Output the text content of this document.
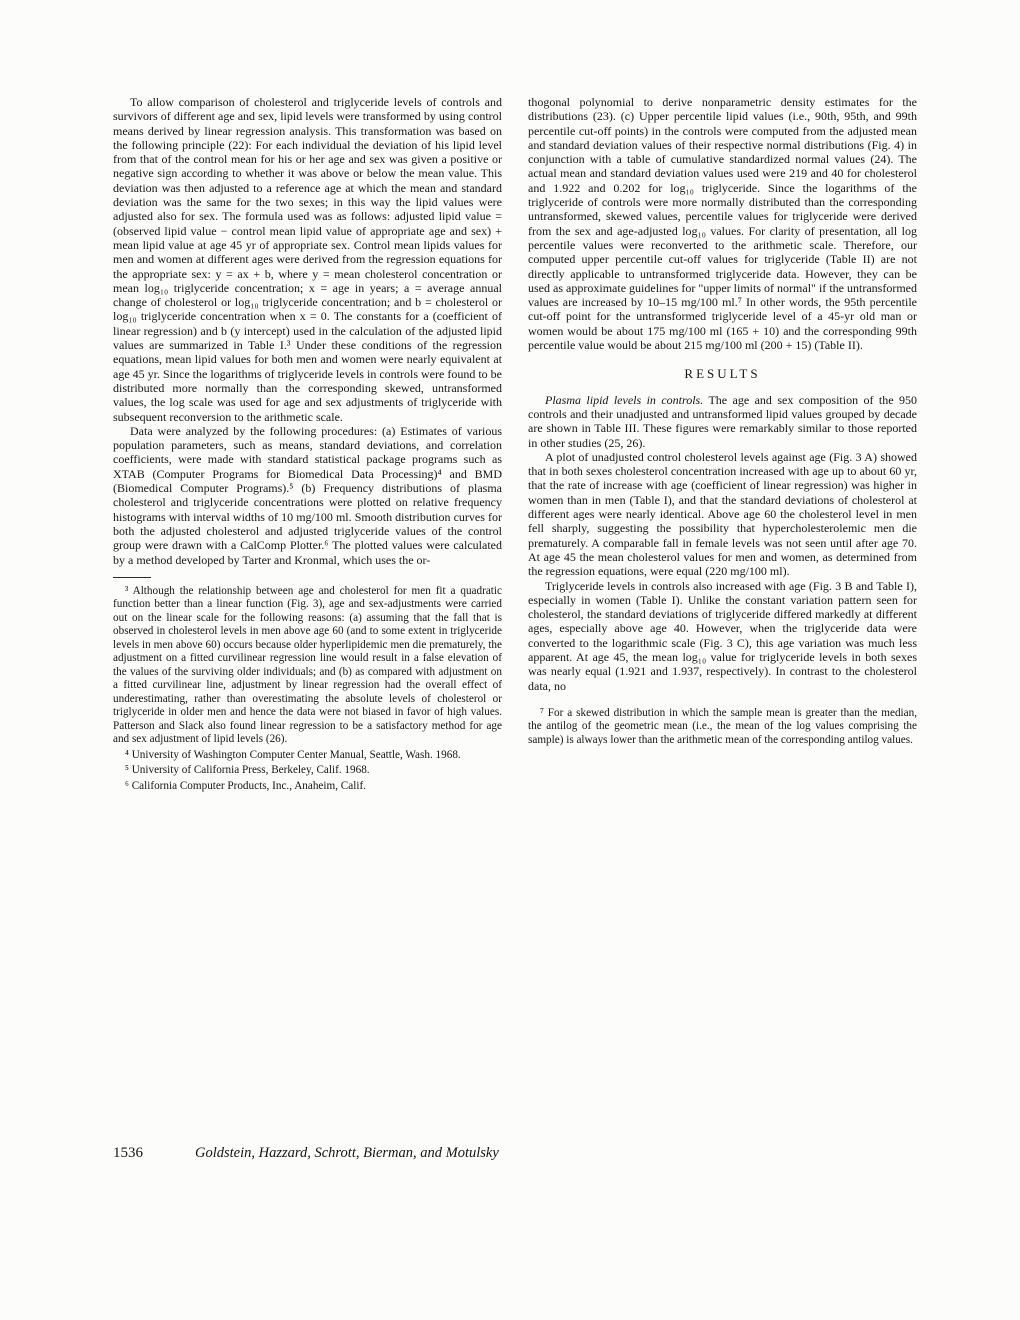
To allow comparison of cholesterol and triglyceride levels of controls and survivors of different age and sex, lipid levels were transformed by using control means derived by linear regression analysis. This transformation was based on the following principle (22): For each individual the deviation of his lipid level from that of the control mean for his or her age and sex was given a positive or negative sign according to whether it was above or below the mean value. This deviation was then adjusted to a reference age at which the mean and standard deviation was the same for the two sexes; in this way the lipid values were adjusted also for sex. The formula used was as follows: adjusted lipid value = (observed lipid value − control mean lipid value of appropriate age and sex) + mean lipid value at age 45 yr of appropriate sex. Control mean lipids values for men and women at different ages were derived from the regression equations for the appropriate sex: y = ax + b, where y = mean cholesterol concentration or mean log₁₀ triglyceride concentration; x = age in years; a = average annual change of cholesterol or log₁₀ triglyceride concentration; and b = cholesterol or log₁₀ triglyceride concentration when x = 0. The constants for a (coefficient of linear regression) and b (y intercept) used in the calculation of the adjusted lipid values are summarized in Table I.³ Under these conditions of the regression equations, mean lipid values for both men and women were nearly equivalent at age 45 yr. Since the logarithms of triglyceride levels in controls were found to be distributed more normally than the corresponding skewed, untransformed values, the log scale was used for age and sex adjustments of triglyceride with subsequent reconversion to the arithmetic scale.

Data were analyzed by the following procedures: (a) Estimates of various population parameters, such as means, standard deviations, and correlation coefficients, were made with standard statistical package programs such as XTAB (Computer Programs for Biomedical Data Processing)⁴ and BMD (Biomedical Computer Programs).⁵ (b) Frequency distributions of plasma cholesterol and triglyceride concentrations were plotted on relative frequency histograms with interval widths of 10 mg/100 ml. Smooth distribution curves for both the adjusted cholesterol and adjusted triglyceride values of the control group were drawn with a CalComp Plotter.⁶ The plotted values were calculated by a method developed by Tarter and Kronmal, which uses the or-

³ Although the relationship between age and cholesterol for men fit a quadratic function better than a linear function (Fig. 3), age and sex-adjustments were carried out on the linear scale for the following reasons: (a) assuming that the fall that is observed in cholesterol levels in men above age 60 (and to some extent in triglyceride levels in men above 60) occurs because older hyperlipidemic men die prematurely, the adjustment on a fitted curvilinear regression line would result in a false elevation of the values of the surviving older individuals; and (b) as compared with adjustment on a fitted curvilinear line, adjustment by linear regression had the overall effect of underestimating, rather than overestimating the absolute levels of cholesterol or triglyceride in older men and hence the data were not biased in favor of high values. Patterson and Slack also found linear regression to be a satisfactory method for age and sex adjustment of lipid levels (26).

⁴ University of Washington Computer Center Manual, Seattle, Wash. 1968.

⁵ University of California Press, Berkeley, Calif. 1968.

⁶ California Computer Products, Inc., Anaheim, Calif.

thogonal polynomial to derive nonparametric density estimates for the distributions (23). (c) Upper percentile lipid values (i.e., 90th, 95th, and 99th percentile cut-off points) in the controls were computed from the adjusted mean and standard deviation values of their respective normal distributions (Fig. 4) in conjunction with a table of cumulative standardized normal values (24). The actual mean and standard deviation values used were 219 and 40 for cholesterol and 1.922 and 0.202 for log₁₀ triglyceride. Since the logarithms of the triglyceride of controls were more normally distributed than the corresponding untransformed, skewed values, percentile values for triglyceride were derived from the sex and age-adjusted log₁₀ values. For clarity of presentation, all log percentile values were reconverted to the arithmetic scale. Therefore, our computed upper percentile cut-off values for triglyceride (Table II) are not directly applicable to untransformed triglyceride data. However, they can be used as approximate guidelines for "upper limits of normal" if the untransformed values are increased by 10–15 mg/100 ml.⁷ In other words, the 95th percentile cut-off point for the untransformed triglyceride level of a 45-yr old man or women would be about 175 mg/100 ml (165 + 10) and the corresponding 99th percentile value would be about 215 mg/100 ml (200 + 15) (Table II).

RESULTS

Plasma lipid levels in controls. The age and sex composition of the 950 controls and their unadjusted and untransformed lipid values grouped by decade are shown in Table III. These figures were remarkably similar to those reported in other studies (25, 26).

A plot of unadjusted control cholesterol levels against age (Fig. 3 A) showed that in both sexes cholesterol concentration increased with age up to about 60 yr, that the rate of increase with age (coefficient of linear regression) was higher in women than in men (Table I), and that the standard deviations of cholesterol at different ages were nearly identical. Above age 60 the cholesterol level in men fell sharply, suggesting the possibility that hypercholesterolemic men die prematurely. A comparable fall in female levels was not seen until after age 70. At age 45 the mean cholesterol values for men and women, as determined from the regression equations, were equal (220 mg/100 ml).

Triglyceride levels in controls also increased with age (Fig. 3 B and Table I), especially in women (Table I). Unlike the constant variation pattern seen for cholesterol, the standard deviations of triglyceride differed markedly at different ages, especially above age 40. However, when the triglyceride data were converted to the logarithmic scale (Fig. 3 C), this age variation was much less apparent. At age 45, the mean log₁₀ value for triglyceride levels in both sexes was nearly equal (1.921 and 1.937, respectively). In contrast to the cholesterol data, no

⁷ For a skewed distribution in which the sample mean is greater than the median, the antilog of the geometric mean (i.e., the mean of the log values comprising the sample) is always lower than the arithmetic mean of the corresponding antilog values.

1536	Goldstein, Hazzard, Schrott, Bierman, and Motulsky
